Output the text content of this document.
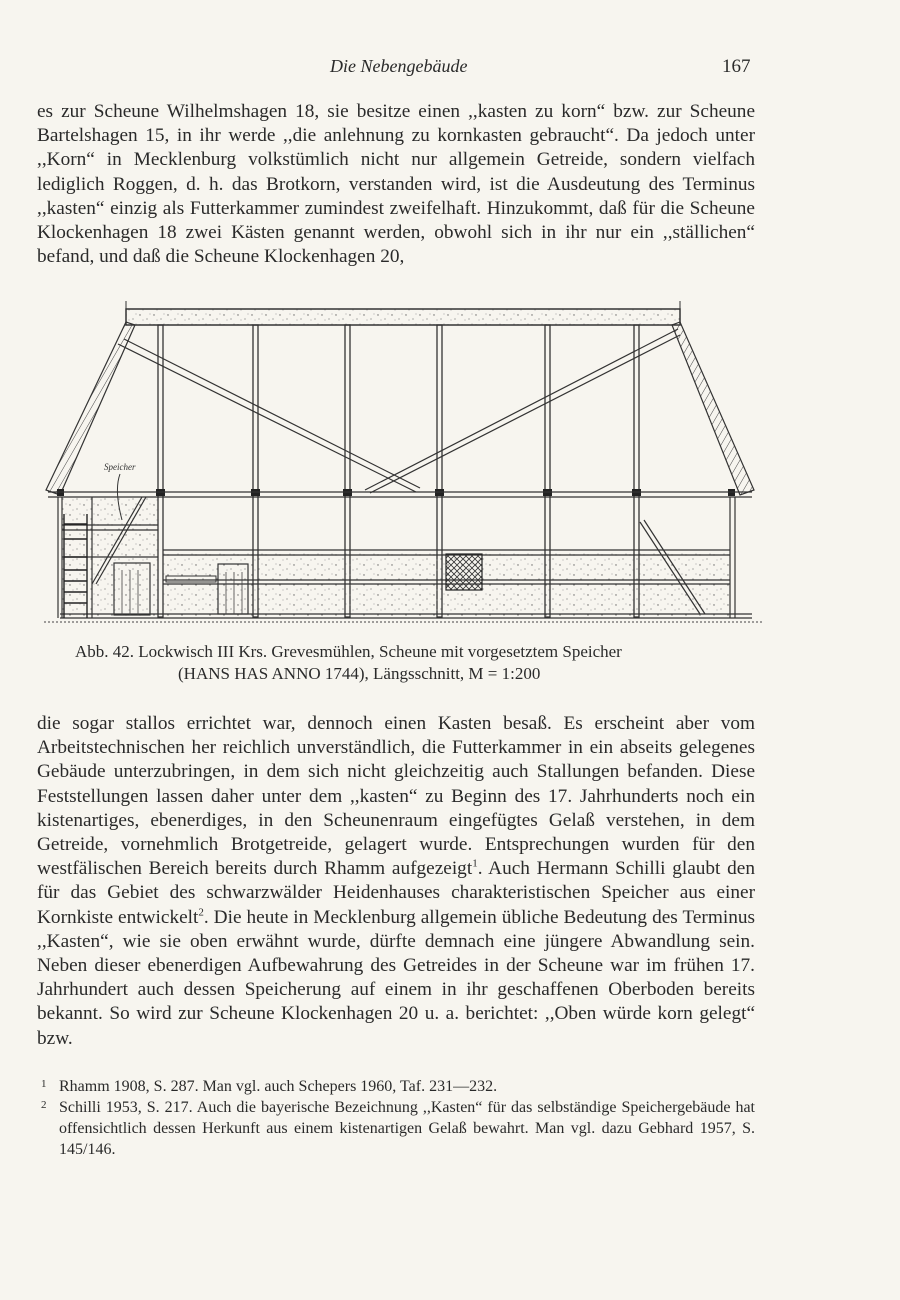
Die Nebengebäude	167

es zur Scheune Wilhelmshagen 18, sie besitze einen ,,kasten zu korn“ bzw. zur Scheune Bartelshagen 15, in ihr werde ,,die anlehnung zu kornkasten gebraucht“. Da jedoch unter ,,Korn“ in Mecklenburg volkstümlich nicht nur allgemein Getreide, sondern vielfach lediglich Roggen, d. h. das Brotkorn, verstanden wird, ist die Ausdeutung des Terminus ,,kasten“ einzig als Futterkammer zumindest zweifelhaft. Hinzukommt, daß für die Scheune Klockenhagen 18 zwei Kästen genannt werden, obwohl sich in ihr nur ein ,,ställichen“ befand, und daß die Scheune Klockenhagen 20,

Speicher
Abb. 42. Lockwisch III Krs. Grevesmühlen, Scheune mit vorgesetztem Speicher
(HANS HAS ANNO 1744), Längsschnitt, M = 1:200

die sogar stallos errichtet war, dennoch einen Kasten besaß. Es erscheint aber vom Arbeitstechnischen her reichlich unverständlich, die Futterkammer in ein abseits gelegenes Gebäude unterzubringen, in dem sich nicht gleichzeitig auch Stallungen befanden. Diese Feststellungen lassen daher unter dem ,,kasten“ zu Beginn des 17. Jahrhunderts noch ein kistenartiges, ebenerdiges, in den Scheunenraum eingefügtes Gelaß verstehen, in dem Getreide, vornehmlich Brotgetreide, gelagert wurde. Entsprechungen wurden für den westfälischen Bereich bereits durch Rhamm aufgezeigt$^1$. Auch Hermann Schilli glaubt den für das Gebiet des schwarzwälder Heidenhauses charakteristischen Speicher aus einer Kornkiste entwickelt$^2$. Die heute in Mecklenburg allgemein übliche Bedeutung des Terminus ,,Kasten“, wie sie oben erwähnt wurde, dürfte demnach eine jüngere Abwandlung sein. Neben dieser ebenerdigen Aufbewahrung des Getreides in der Scheune war im frühen 17. Jahrhundert auch dessen Speicherung auf einem in ihr geschaffenen Oberboden bereits bekannt. So wird zur Scheune Klockenhagen 20 u. a. berichtet: ,,Oben würde korn gelegt“ bzw.

1 Rhamm 1908, S. 287. Man vgl. auch Schepers 1960, Taf. 231—232.

2 Schilli 1953, S. 217. Auch die bayerische Bezeichnung ,,Kasten“ für das selbständige Speichergebäude hat offensichtlich dessen Herkunft aus einem kistenartigen Gelaß bewahrt. Man vgl. dazu Gebhard 1957, S. 145/146.
